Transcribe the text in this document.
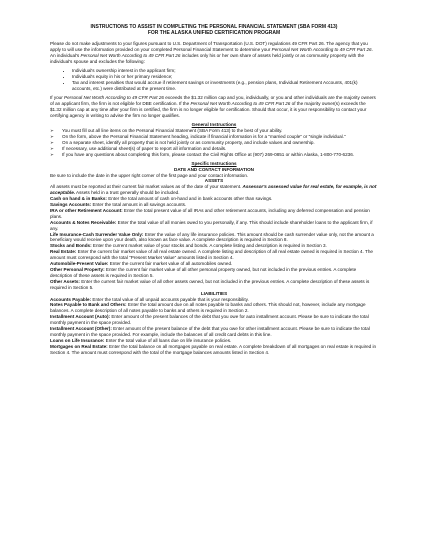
INSTRUCTIONS TO ASSIST IN COMPLETING THE PERSONAL FINANCIAL STATEMENT (SBA FORM 413)

FOR THE ALASKA UNIFIED CERTIFICATION PROGRAM

Please do not make adjustments to your figures pursuant to U.S. Department of Transportation (U.S. DOT) regulations 49 CFR Part 26. The agency that you apply to will use the information provided on your completed Personal Financial Statement to determine your Personal Net Worth According to 49 CFR Part 26. An individual's Personal Net Worth According to 49 CFR Part 26 includes only his or her own share of assets held jointly or as community property with the individual's spouse and excludes the following:

• Individual's ownership interest in the applicant firm;
• Individual's equity in his or her primary residence;
• Tax and interest penalties that would accrue if retirement savings or investments (e.g., pension plans, Individual Retirement Accounts, 401(k) accounts, etc.) were distributed at the present time.

If your Personal Net Worth According to 49 CFR Part 26 exceeds the $1.32 million cap and you, individually, or you and other individuals are the majority owners of an applicant firm, the firm is not eligible for DBE certification. If the Personal Net Worth According to 49 CFR Part 26 of the majority owner(s) exceeds the $1.32 million cap at any time after your firm is certified, the firm is no longer eligible for certification. Should that occur, it is your responsibility to contact your certifying agency in writing to advise the firm no longer qualifies.

General Instructions

➢ You must fill out all line items on the Personal Financial Statement (SBA Form 413) to the best of your ability.
➢ On the form, above the Personal Financial Statement heading, indicate if financial information is for a "married couple" or "single individual."
➢ On a separate sheet, identify all property that is not held jointly or as community property, and include values and ownership.
➢ If necessary, use additional sheet(s) of paper to report all information and details.
➢ If you have any questions about completing this form, please contact the Civil Rights Office at (907) 269-0851 or within Alaska, 1-800-770-6236.

Specific Instructions

DATE AND CONTACT INFORMATION

Be sure to include the date in the upper right corner of the first page and your contact information.

ASSETS

All assets must be reported at their current fair market values as of the date of your statement. Assessor's assessed value for real estate, for example, is not acceptable. Assets held in a trust generally should be included.

Cash on hand & in Banks: Enter the total amount of cash on-hand and in bank accounts other than savings.

Savings Accounts: Enter the total amount in all savings accounts.

IRA or other Retirement Account: Enter the total present value of all IRAs and other retirement accounts, including any deferred compensation and pension plans.

Accounts & Notes Receivable: Enter the total value of all monies owed to you personally, if any. This should include shareholder loans to the applicant firm, if any.

Life Insurance-Cash Surrender Value Only: Enter the value of any life insurance policies. This amount should be cash surrender value only, not the amount a beneficiary would receive upon your death, also known as face value. A complete description is required in Section 8.

Stocks and Bonds: Enter the current market value of your stocks and bonds. A complete listing and description is required in Section 3.

Real Estate: Enter the current fair market value of all real estate owned. A complete listing and description of all real estate owned is required in Section 4. The amount must correspond with the total "Present Market Value" amounts listed in Section 4.

Automobile-Present Value: Enter the current fair market value of all automobiles owned.

Other Personal Property: Enter the current fair market value of all other personal property owned, but not included in the previous entries. A complete description of these assets is required in Section 5.

Other Assets: Enter the current fair market value of all other assets owned, but not included in the previous entries. A complete description of these assets is required in Section 5.

LIABILITIES

Accounts Payable: Enter the total value of all unpaid accounts payable that is your responsibility.

Notes Payable to Bank and Others: Enter the total amount due on all notes payable to banks and others. This should not, however, include any mortgage balances. A complete description of all notes payable to banks and others is required in Section 2.

Installment Account (Auto): Enter amount of the present balances of the debt that you owe for auto installment account. Please be sure to indicate the total monthly payment in the space provided.

Installment Account (Other): Enter amount of the present balance of the debt that you owe for other installment account. Please be sure to indicate the total monthly payment in the space provided. For example, include the balances of all credit card debts in this line.

Loans on Life Insurance: Enter the total value of all loans due on life insurance policies.

Mortgages on Real Estate: Enter the total balance on all mortgages payable on real estate. A complete breakdown of all mortgages on real estate is required in Section 4. The amount must correspond with the total of the mortgage balances amounts listed in Section 4.
